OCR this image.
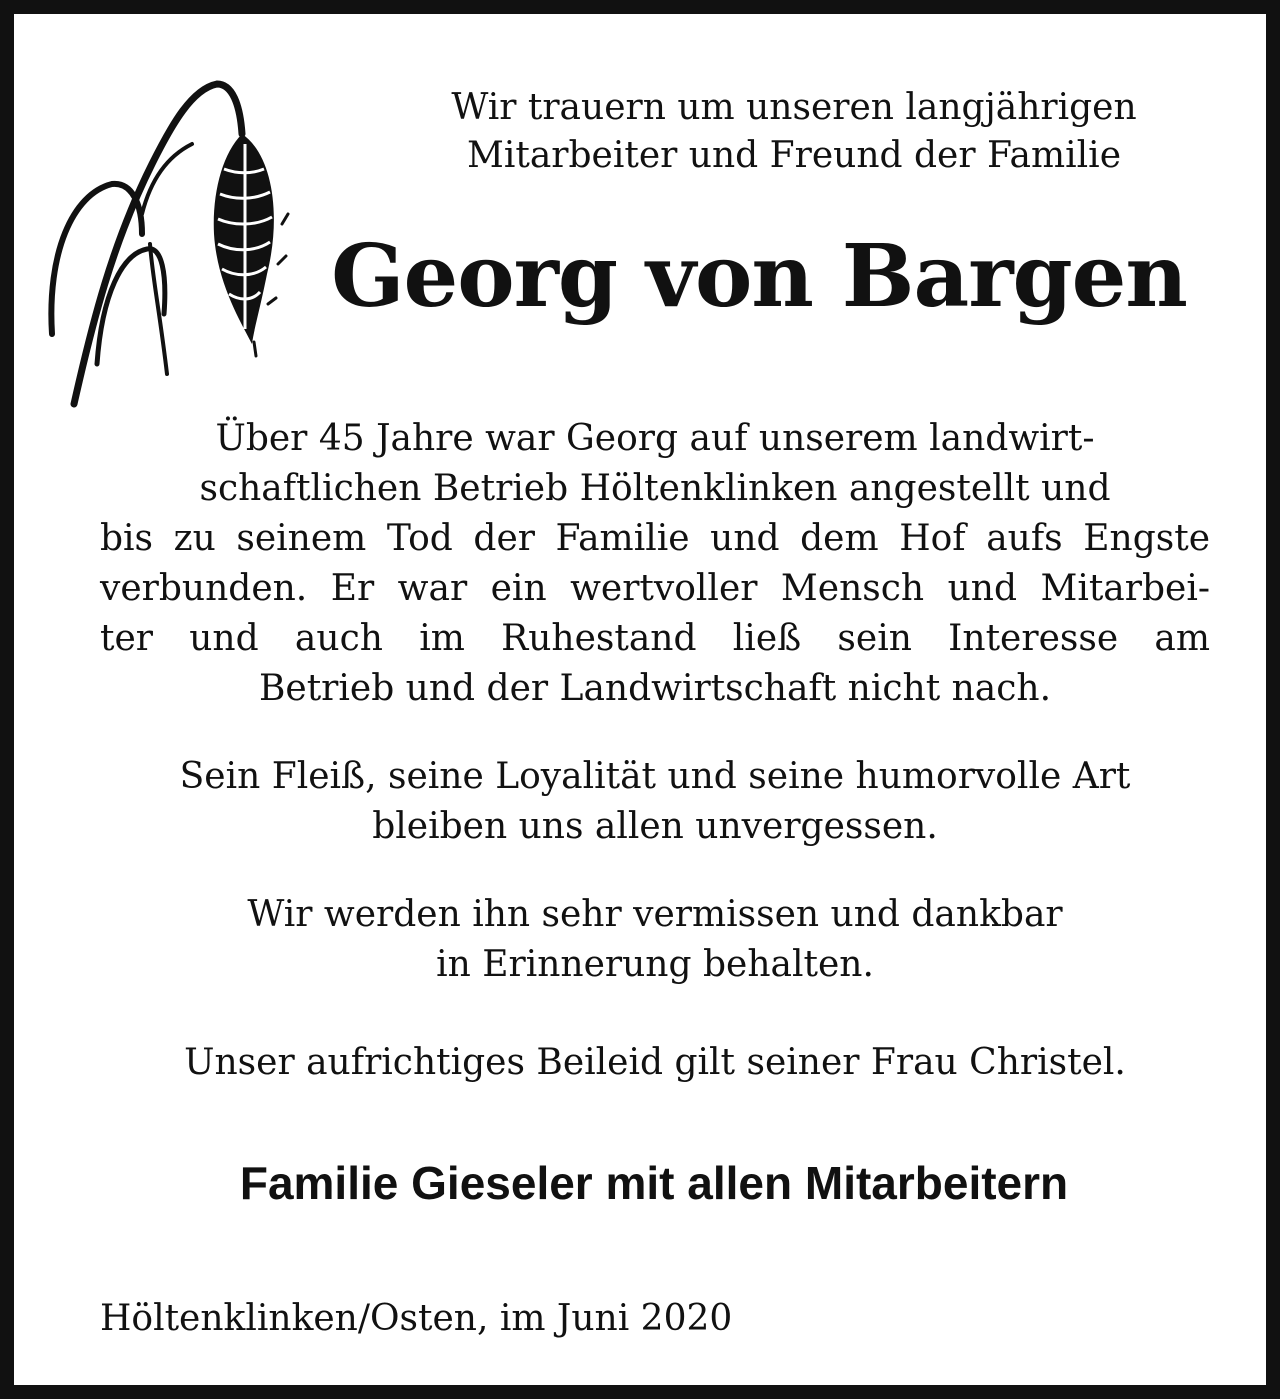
Wir trauern um unseren langjährigen
Mitarbeiter und Freund der Familie
Georg von Bargen
Über 45 Jahre war Georg auf unserem landwirt-
schaftlichen Betrieb Höltenklinken angestellt und
bis zu seinem Tod der Familie und dem Hof aufs Engste
verbunden. Er war ein wertvoller Mensch und Mitarbei-
ter und auch im Ruhestand ließ sein Interesse am
Betrieb und der Landwirtschaft nicht nach.
Sein Fleiß, seine Loyalität und seine humorvolle Art
bleiben uns allen unvergessen.
Wir werden ihn sehr vermissen und dankbar
in Erinnerung behalten.
Unser aufrichtiges Beileid gilt seiner Frau Christel.
Familie Gieseler mit allen Mitarbeitern
Höltenklinken/Osten, im Juni 2020
